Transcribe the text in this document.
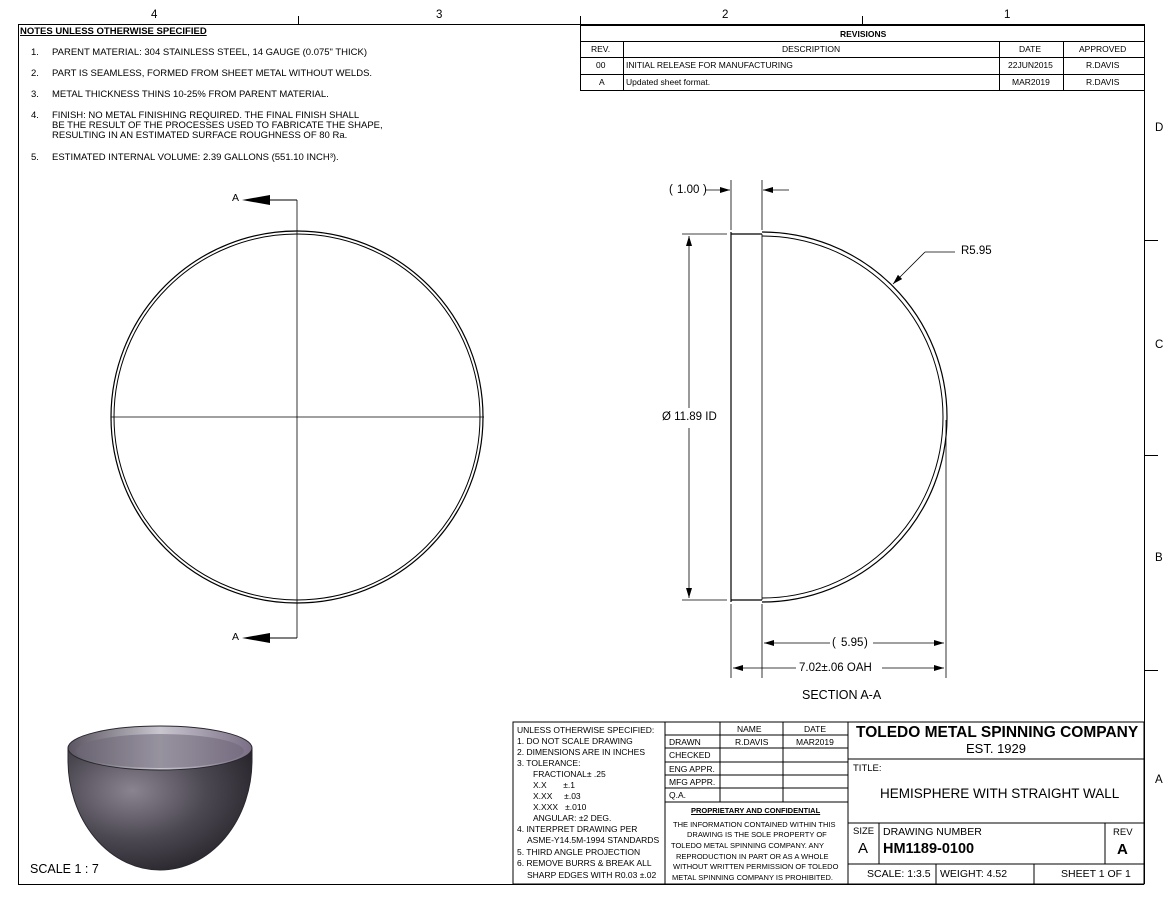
4	3	2	1
D
C
B
A
NOTES UNLESS OTHERWISE SPECIFIED
1. PARENT MATERIAL: 304 STAINLESS STEEL, 14 GAUGE (0.075" THICK)
2. PART IS SEAMLESS, FORMED FROM SHEET METAL WITHOUT WELDS.
3. METAL THICKNESS THINS 10-25% FROM PARENT MATERIAL.
4. FINISH: NO METAL FINISHING REQUIRED. THE FINAL FINISH SHALL
BE THE RESULT OF THE PROCESSES USED TO FABRICATE THE SHAPE,
RESULTING IN AN ESTIMATED SURFACE ROUGHNESS OF 80 Ra.
5. ESTIMATED INTERNAL VOLUME: 2.39 GALLONS (551.10 INCH³).
REVISIONS
REV.	DESCRIPTION	DATE	APPROVED
00 INITIAL RELEASE FOR MANUFACTURING	22JUN2015	R.DAVIS
A	Updated sheet format.	MAR2019	R.DAVIS
A
A
( 1.00 )
R5.95
Ø 11.89 ID
( 5.95 )
7.02±.06 OAH
SECTION A-A
SCALE 1 : 7
UNLESS OTHERWISE SPECIFIED:
1. DO NOT SCALE DRAWING
2. DIMENSIONS ARE IN INCHES
3. TOLERANCE:
FRACTIONAL± .25
X.X       ±.1
X.XX     ±.03
X.XXX   ±.010
ANGULAR: ±2 DEG.
4. INTERPRET DRAWING PER
ASME-Y14.5M-1994 STANDARDS
5. THIRD ANGLE PROJECTION
6. REMOVE BURRS & BREAK ALL
SHARP EDGES WITH R0.03 ±.02
NAME	DATE
DRAWN	R.DAVIS	MAR2019
CHECKED
ENG APPR.
MFG APPR.
Q.A.
PROPRIETARY AND CONFIDENTIAL
THE INFORMATION CONTAINED WITHIN THIS
DRAWING IS THE SOLE PROPERTY OF
TOLEDO METAL SPINNING COMPANY. ANY
REPRODUCTION IN PART OR AS A WHOLE
WITHOUT WRITTEN PERMISSION OF TOLEDO
METAL SPINNING COMPANY IS PROHIBITED.
TOLEDO METAL SPINNING COMPANY
EST. 1929
TITLE:
HEMISPHERE WITH STRAIGHT WALL
SIZE
A
DRAWING NUMBER
HM1189-0100
REV
A
SCALE: 1:3.5 WEIGHT: 4.52	SHEET 1 OF 1
